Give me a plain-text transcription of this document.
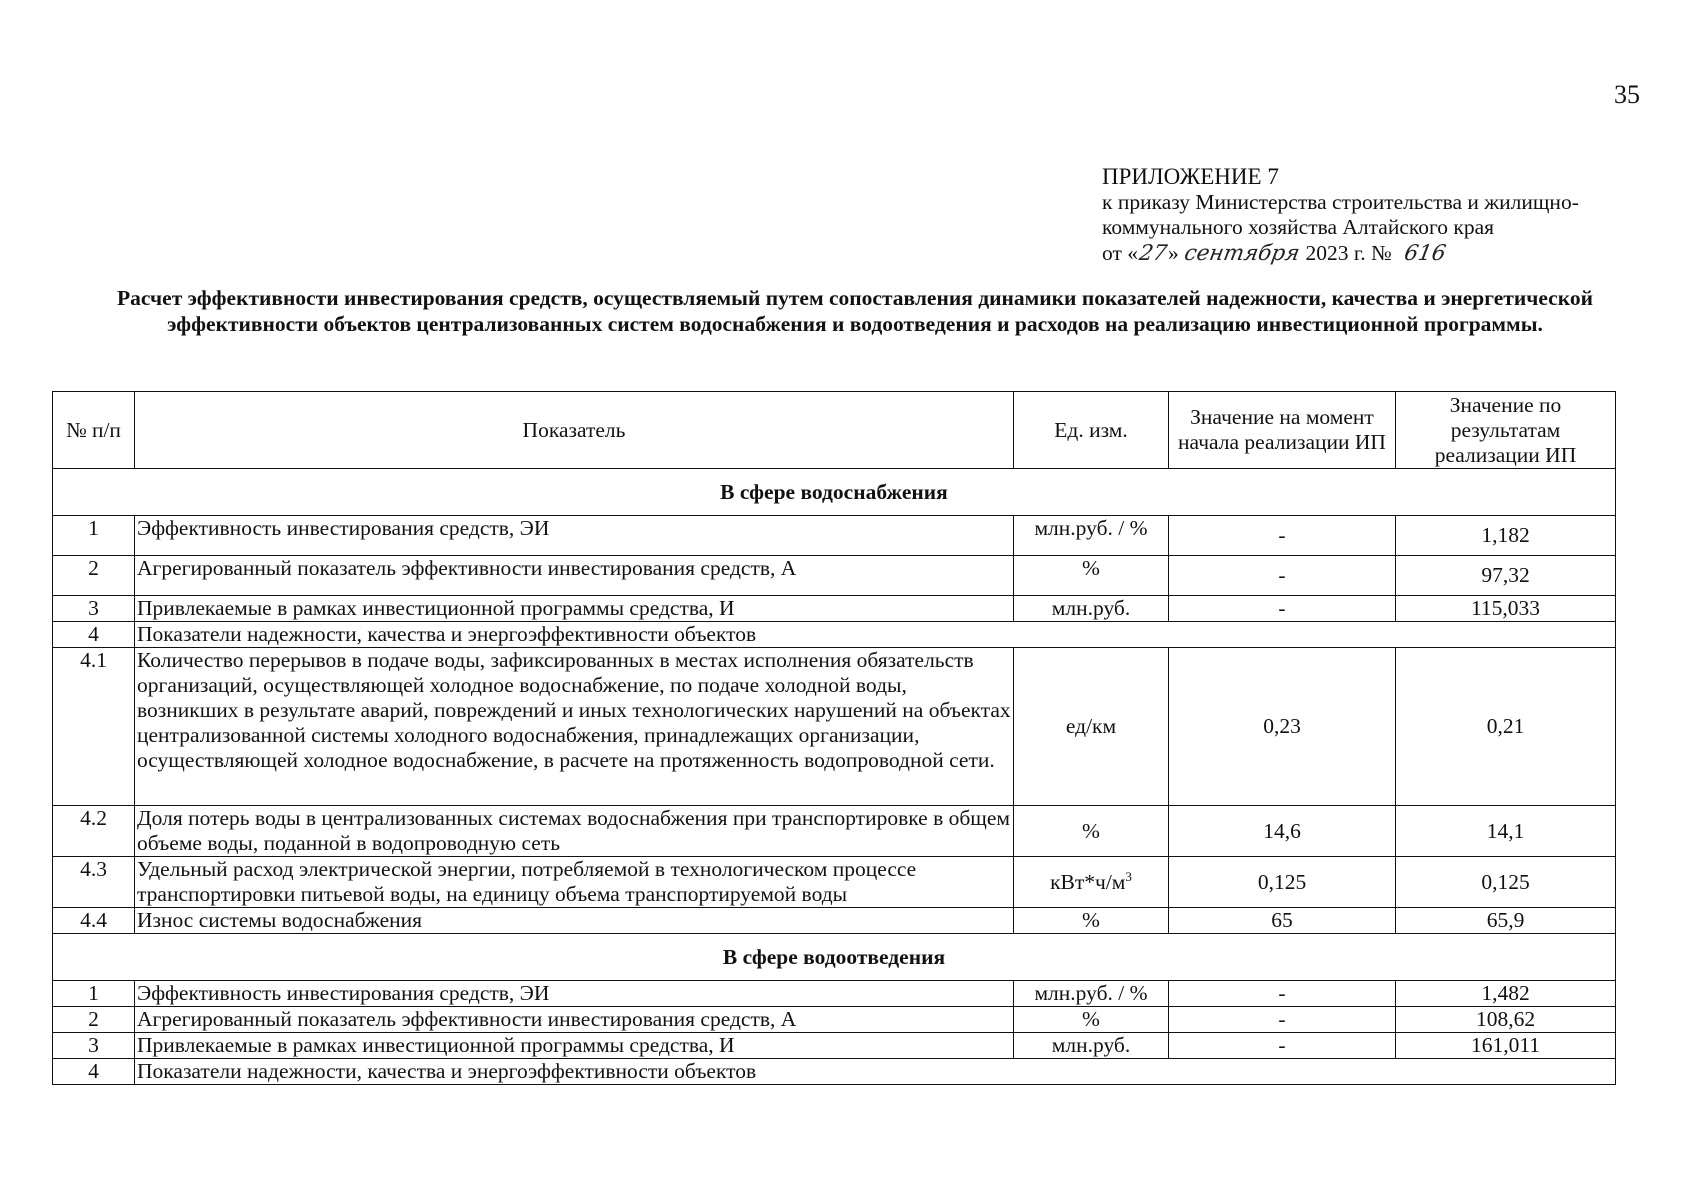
35
ПРИЛОЖЕНИЕ 7
к приказу Министерства строительства и жилищно-
коммунального хозяйства Алтайского края
от «27» сентября 2023 г. № 616
Расчет эффективности инвестирования средств, осуществляемый путем сопоставления динамики показателей надежности, качества и энергетической эффективности объектов централизованных систем водоснабжения и водоотведения и расходов на реализацию инвестиционной программы.
№ п/п	Показатель	Ед. изм.	Значение на момент начала реализации ИП	Значение по результатам реализации ИП
В сфере водоснабжения				
1	Эффективность инвестирования средств, ЭИ	млн.руб. / %	-	1,182
2	Агрегированный показатель эффективности инвестирования средств, А	%	-	97,32
3	Привлекаемые в рамках инвестиционной программы средства, И	млн.руб.	-	115,033
4	Показатели надежности, качества и энергоэффективности объектов			
4.1	Количество перерывов в подаче воды, зафиксированных в местах исполнения обязательств организаций, осуществляющей холодное водоснабжение, по подаче холодной воды, возникших в результате аварий, повреждений и иных технологических нарушений на объектах централизованной системы холодного водоснабжения, принадлежащих организации, осуществляющей холодное водоснабжение, в расчете на протяженность водопроводной сети.	ед/км	0,23	0,21
4.2	Доля потерь воды в централизованных системах водоснабжения при транспортировке в общем объеме воды, поданной в водопроводную сеть	%	14,6	14,1
4.3	Удельный расход электрической энергии, потребляемой в технологическом процессе транспортировки питьевой воды, на единицу объема транспортируемой воды	$кВт*ч/м^3$	0,125	0,125
4.4	Износ системы водоснабжения	%	65	65,9
В сфере водоотведения				
1	Эффективность инвестирования средств, ЭИ	млн.руб. / %	-	1,482
2	Агрегированный показатель эффективности инвестирования средств, А	%	-	108,62
3	Привлекаемые в рамках инвестиционной программы средства, И	млн.руб.	-	161,011
4	Показатели надежности, качества и энергоэффективности объектов			
